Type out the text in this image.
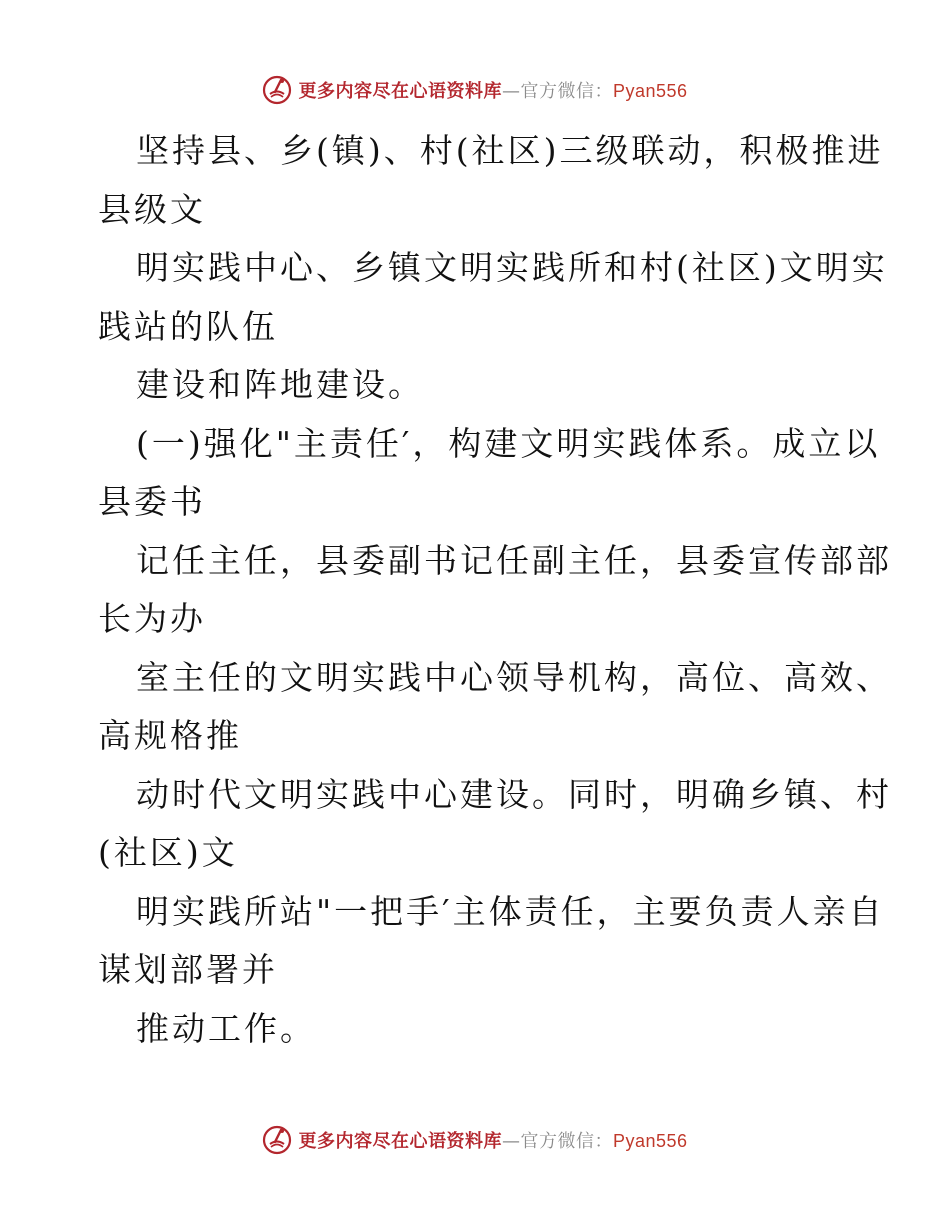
更多内容尽在心语资料库—官方微信：Pyan556
坚持县、乡(镇)、村(社区)三级联动，积极推进
县级文
明实践中心、乡镇文明实践所和村(社区)文明实
践站的队伍
建设和阵地建设。
(一)强化"主责任′，构建文明实践体系。成立以
县委书
记任主任，县委副书记任副主任，县委宣传部部
长为办
室主任的文明实践中心领导机构，高位、高效、
高规格推
动时代文明实践中心建设。同时，明确乡镇、村
(社区)文
明实践所站"一把手′主体责任，主要负责人亲自
谋划部署并
推动工作。
更多内容尽在心语资料库—官方微信：Pyan556
